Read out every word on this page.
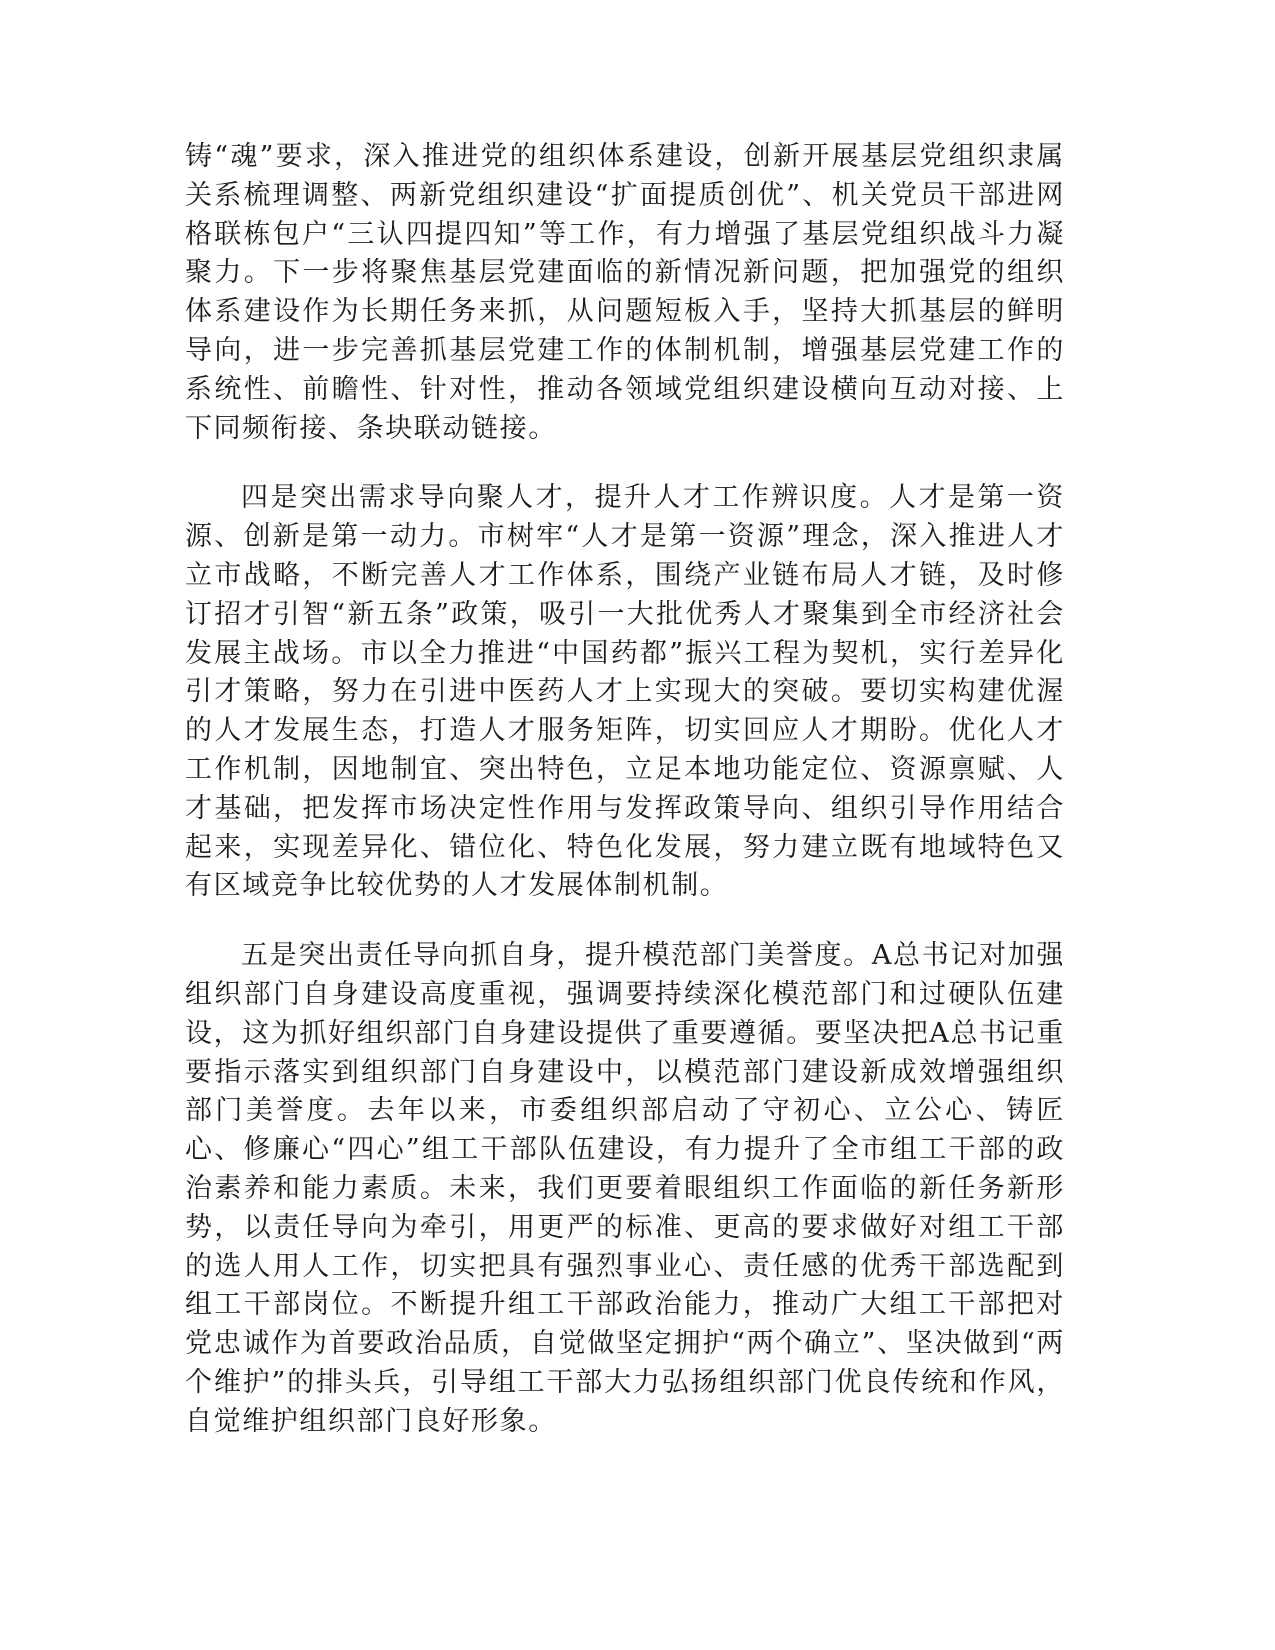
铸“魂”要求，深入推进党的组织体系建设，创新开展基层党组织隶属关系梳理调整、两新党组织建设“扩面提质创优”、机关党员干部进网格联栋包户“三认四提四知”等工作，有力增强了基层党组织战斗力凝聚力。下一步将聚焦基层党建面临的新情况新问题，把加强党的组织体系建设作为长期任务来抓，从问题短板入手，坚持大抓基层的鲜明导向，进一步完善抓基层党建工作的体制机制，增强基层党建工作的系统性、前瞻性、针对性，推动各领域党组织建设横向互动对接、上下同频衔接、条块联动链接。

四是突出需求导向聚人才，提升人才工作辨识度。人才是第一资源、创新是第一动力。市树牢“人才是第一资源”理念，深入推进人才立市战略，不断完善人才工作体系，围绕产业链布局人才链，及时修订招才引智“新五条”政策，吸引一大批优秀人才聚集到全市经济社会发展主战场。市以全力推进“中国药都”振兴工程为契机，实行差异化引才策略，努力在引进中医药人才上实现大的突破。要切实构建优渥的人才发展生态，打造人才服务矩阵，切实回应人才期盼。优化人才工作机制，因地制宜、突出特色，立足本地功能定位、资源禀赋、人才基础，把发挥市场决定性作用与发挥政策导向、组织引导作用结合起来，实现差异化、错位化、特色化发展，努力建立既有地域特色又有区域竞争比较优势的人才发展体制机制。

五是突出责任导向抓自身，提升模范部门美誉度。A总书记对加强组织部门自身建设高度重视，强调要持续深化模范部门和过硬队伍建设，这为抓好组织部门自身建设提供了重要遵循。要坚决把A总书记重要指示落实到组织部门自身建设中，以模范部门建设新成效增强组织部门美誉度。去年以来，市委组织部启动了守初心、立公心、铸匠心、修廉心“四心”组工干部队伍建设，有力提升了全市组工干部的政治素养和能力素质。未来，我们更要着眼组织工作面临的新任务新形势，以责任导向为牵引，用更严的标准、更高的要求做好对组工干部的选人用人工作，切实把具有强烈事业心、责任感的优秀干部选配到组工干部岗位。不断提升组工干部政治能力，推动广大组工干部把对党忠诚作为首要政治品质，自觉做坚定拥护“两个确立”、坚决做到“两个维护”的排头兵，引导组工干部大力弘扬组织部门优良传统和作风，自觉维护组织部门良好形象。
